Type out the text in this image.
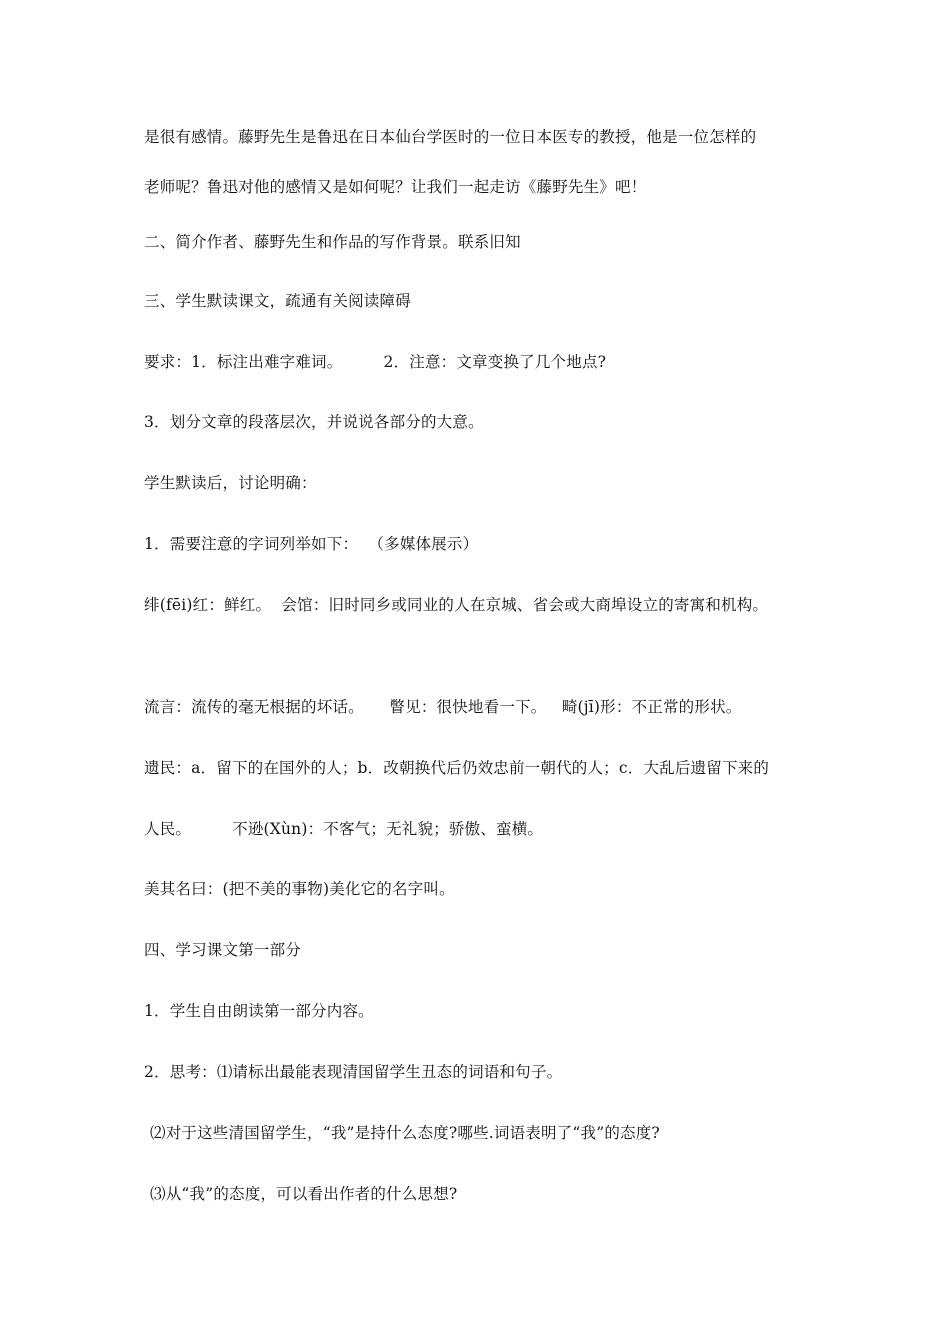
是很有感情。藤野先生是鲁迅在日本仙台学医时的一位日本医专的教授，他是一位怎样的
老师呢？鲁迅对他的感情又是如何呢？让我们一起走访《藤野先生》吧！
二、简介作者、藤野先生和作品的写作背景。联系旧知
三、学生默读课文，疏通有关阅读障碍
要求：1．标注出难字难词。        2．注意：文章变换了几个地点?
3．划分文章的段落层次，并说说各部分的大意。
学生默读后，讨论明确：
1．需要注意的字词列举如下：  （多媒体展示）
绯(fēi)红：鲜红。  会馆：旧时同乡或同业的人在京城、省会或大商埠设立的寄寓和机构。
流言：流传的毫无根据的坏话。     瞥见：很快地看一下。   畸(jī)形：不正常的形状。
遗民：a．留下的在国外的人；b．改朝换代后仍效忠前一朝代的人；c．大乱后遗留下来的
人民。        不逊(Xùn)：不客气；无礼貌；骄傲、蛮横。
美其名曰：(把不美的事物)美化它的名字叫。
四、学习课文第一部分
1．学生自由朗读第一部分内容。
2．思考：⑴请标出最能表现清国留学生丑态的词语和句子。
⑵对于这些清国留学生，“我”是持什么态度?哪些.词语表明了“我”的态度?
⑶从“我”的态度，可以看出作者的什么思想?
